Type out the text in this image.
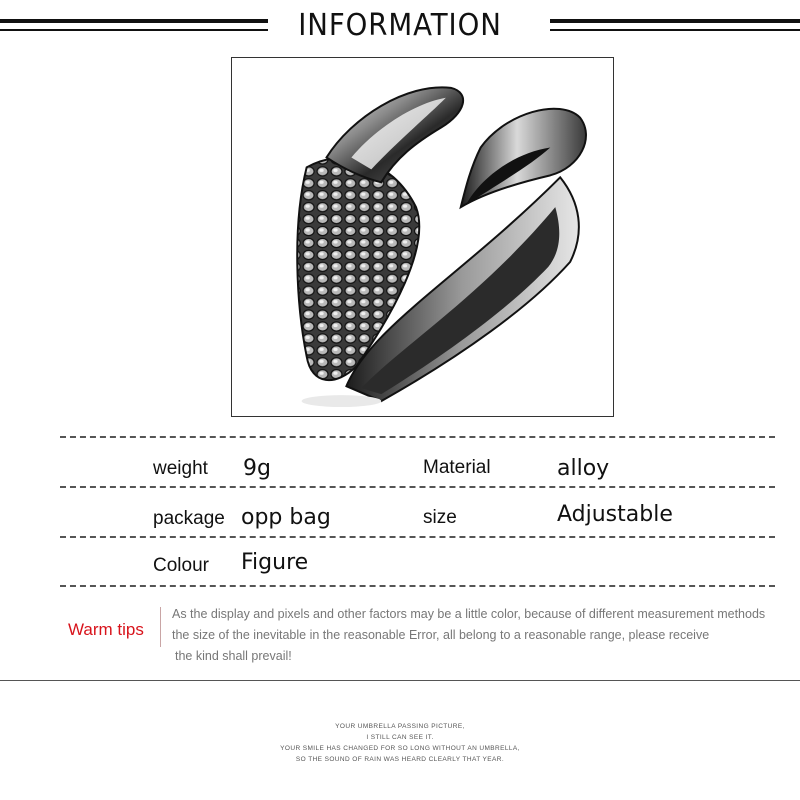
INFORMATION
weight 9g	Material	alloy
package opp bag	size	Adjustable
Colour Figure
Warm tips
As the display and pixels and other factors may be a little color, because of different measurement methods
the size of the inevitable in the reasonable Error, all belong to a reasonable range, please receive
the kind shall prevail!
YOUR UMBRELLA PASSING PICTURE,
I STILL CAN SEE IT.
YOUR SMILE HAS CHANGED FOR SO LONG WITHOUT AN UMBRELLA,
SO THE SOUND OF RAIN WAS HEARD CLEARLY THAT YEAR.
